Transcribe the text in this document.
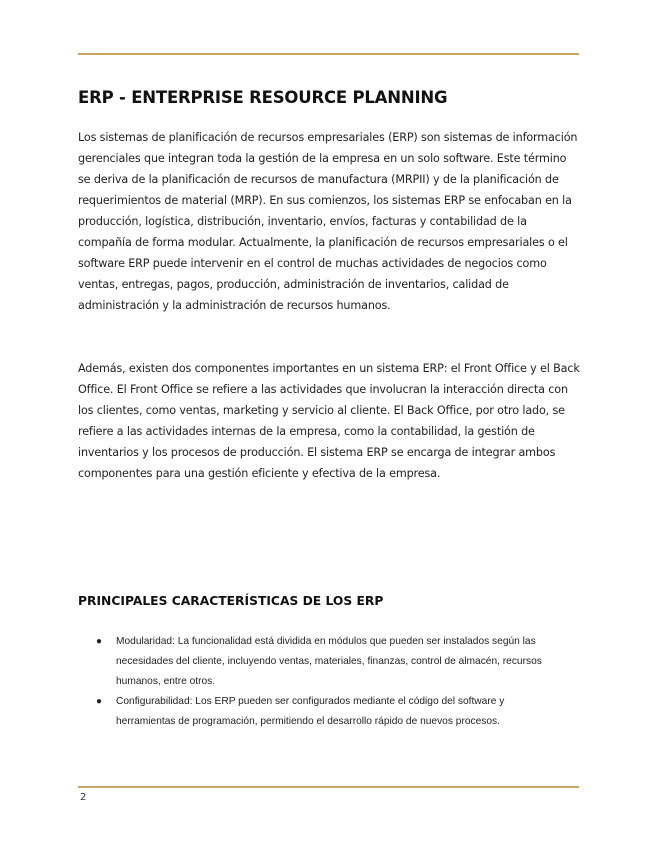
ERP - ENTERPRISE RESOURCE PLANNING

Los sistemas de planificación de recursos empresariales (ERP) son sistemas de información gerenciales que integran toda la gestión de la empresa en un solo software. Este término se deriva de la planificación de recursos de manufactura (MRPII) y de la planificación de requerimientos de material (MRP). En sus comienzos, los sistemas ERP se enfocaban en la producción, logística, distribución, inventario, envíos, facturas y contabilidad de la compañía de forma modular. Actualmente, la planificación de recursos empresariales o el software ERP puede intervenir en el control de muchas actividades de negocios como ventas, entregas, pagos, producción, administración de inventarios, calidad de administración y la administración de recursos humanos.

Además, existen dos componentes importantes en un sistema ERP: el Front Office y el Back Office. El Front Office se refiere a las actividades que involucran la interacción directa con los clientes, como ventas, marketing y servicio al cliente. El Back Office, por otro lado, se refiere a las actividades internas de la empresa, como la contabilidad, la gestión de inventarios y los procesos de producción. El sistema ERP se encarga de integrar ambos componentes para una gestión eficiente y efectiva de la empresa.

PRINCIPALES CARACTERÍSTICAS DE LOS ERP
● Modularidad: La funcionalidad está dividida en módulos que pueden ser instalados según las necesidades del cliente, incluyendo ventas, materiales, finanzas, control de almacén, recursos humanos, entre otros.
● Configurabilidad: Los ERP pueden ser configurados mediante el código del software y herramientas de programación, permitiendo el desarrollo rápido de nuevos procesos.
2
